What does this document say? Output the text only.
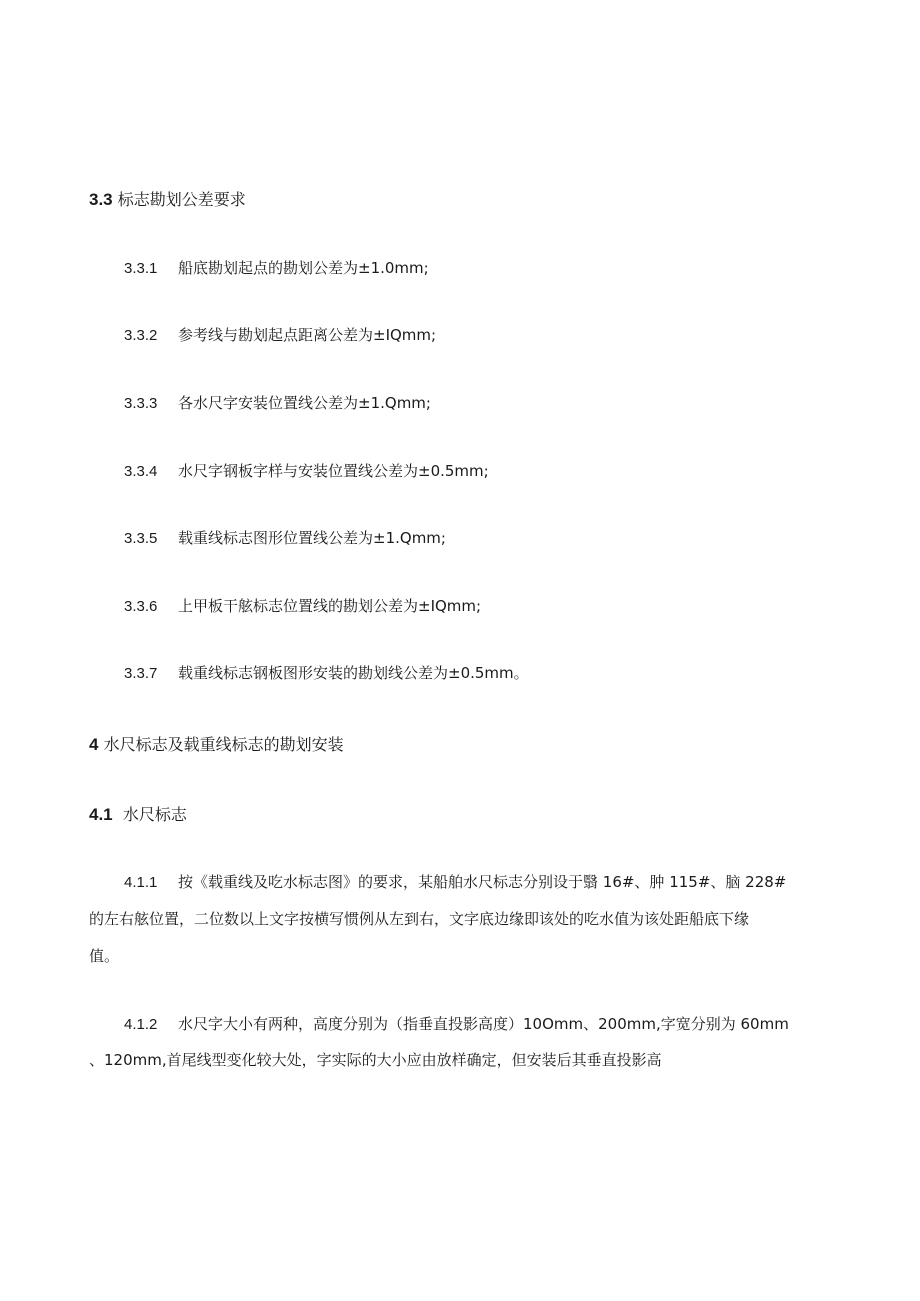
3.3 标志勘划公差要求
3.3.1 船底勘划起点的勘划公差为±1.0mm;
3.3.2 参考线与勘划起点距离公差为±IQmm;
3.3.3 各水尺字安装位置线公差为±1.Qmm;
3.3.4 水尺字钢板字样与安装位置线公差为±0.5mm;
3.3.5 载重线标志图形位置线公差为±1.Qmm;
3.3.6 上甲板干舷标志位置线的勘划公差为±IQmm;
3.3.7 载重线标志钢板图形安装的勘划线公差为±0.5mm。
4 水尺标志及载重线标志的勘划安装
4.1 水尺标志
4.1.1 按《载重线及吃水标志图》的要求，某船舶水尺标志分别设于翳 16#、肿 115#、脑 228#
的左右舷位置，二位数以上文字按横写惯例从左到右，文字底边缘即该处的吃水值为该处距船底下缘
值。
4.1.2 水尺字大小有两种，高度分别为（指垂直投影高度）10Omm、200mm,字宽分别为 60mm
、120mm,首尾线型变化较大处，字实际的大小应由放样确定，但安装后其垂直投影高
